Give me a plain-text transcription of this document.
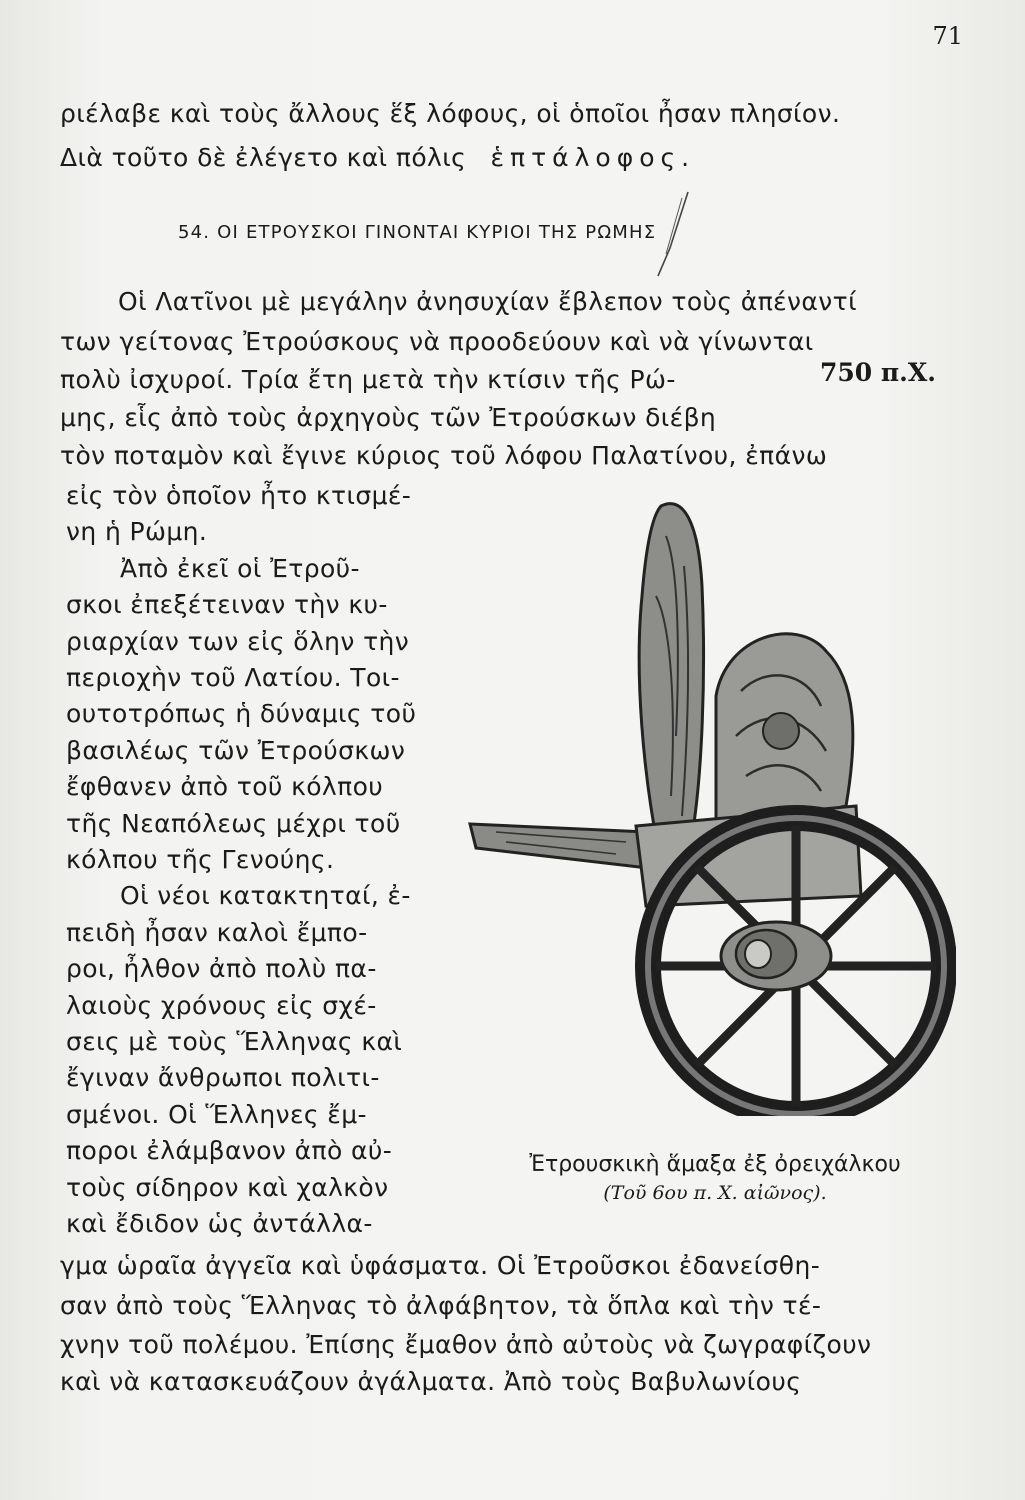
71
ριέλαβε καὶ τοὺς ἄλλους ἕξ λόφους, οἱ ὁποῖοι ἦσαν πλησίον.
Διὰ τοῦτο δὲ ἐλέγετο καὶ πόλις ἑπτάλοφος.
54. ΟΙ ΕΤΡΟΥΣΚΟΙ ΓΙΝΟΝΤΑΙ ΚΥΡΙΟΙ ΤΗΣ ΡΩΜΗΣ
Οἱ Λατῖνοι μὲ μεγάλην ἀνησυχίαν ἔβλεπον τοὺς ἀπέναντί
των γείτονας Ἐτρούσκους νὰ προοδεύουν καὶ νὰ γίνωνται
πολὺ ἰσχυροί. Τρία ἔτη μετὰ τὴν κτίσιν τῆς Ρώ-
μης, εἷς ἀπὸ τοὺς ἀρχηγοὺς τῶν Ἐτρούσκων διέβη
τὸν ποταμὸν καὶ ἔγινε κύριος τοῦ λόφου Παλατίνου, ἐπάνω
750 π.Χ.
εἰς τὸν ὁποῖον ἦτο κτισμέ-
νη ἡ Ρώμη.
Ἀπὸ ἐκεῖ οἱ Ἐτροῦ-
σκοι ἐπεξέτειναν τὴν κυ-
ριαρχίαν των εἰς ὅλην τὴν
περιοχὴν τοῦ Λατίου. Τοι-
ουτοτρόπως ἡ δύναμις τοῦ
βασιλέως τῶν Ἐτρούσκων
ἔφθανεν ἀπὸ τοῦ κόλπου
τῆς Νεαπόλεως μέχρι τοῦ
κόλπου τῆς Γενούης.
Οἱ νέοι κατακτηταί, ἐ-
πειδὴ ἦσαν καλοὶ ἔμπο-
ροι, ἦλθον ἀπὸ πολὺ πα-
λαιοὺς χρόνους εἰς σχέ-
σεις μὲ τοὺς Ἕλληνας καὶ
ἔγιναν ἄνθρωποι πολιτι-
σμένοι. Οἱ Ἕλληνες ἔμ-
ποροι ἐλάμβανον ἀπὸ αὐ-
τοὺς σίδηρον καὶ χαλκὸν
καὶ ἔδιδον ὡς ἀντάλλα-
Ἐτρουσκικὴ ἅμαξα ἐξ ὀρειχάλκου
(Τοῦ 6ου π. Χ. αἰῶνος).
γμα ὡραῖα ἀγγεῖα καὶ ὑφάσματα. Οἱ Ἐτροῦσκοι ἐδανείσθη-
σαν ἀπὸ τοὺς Ἕλληνας τὸ ἀλφάβητον, τὰ ὅπλα καὶ τὴν τέ-
χνην τοῦ πολέμου. Ἐπίσης ἔμαθον ἀπὸ αὐτοὺς νὰ ζωγραφίζουν
καὶ νὰ κατασκευάζουν ἀγάλματα. Ἀπὸ τοὺς Βαβυλωνίους
